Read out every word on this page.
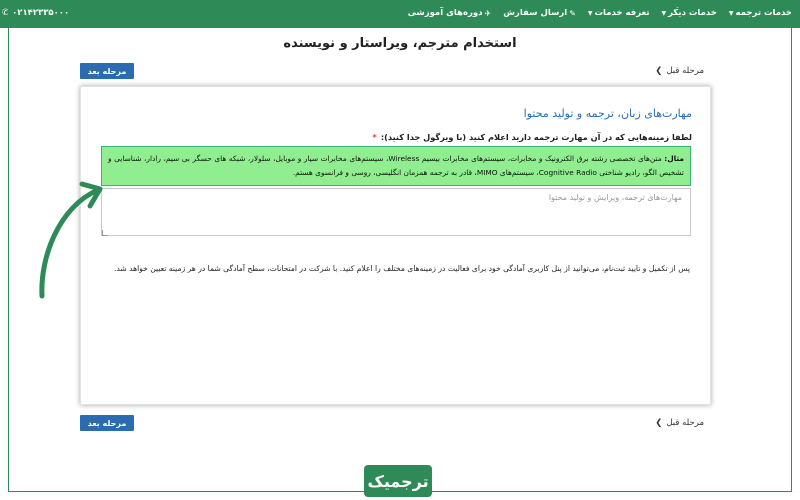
✆ ۰۲۱۴۲۳۳۵۰۰۰	خدمات ترجمه
▼
خدمات دیگر
▼
تعرفه خدمات
▼
✎
ارسال سفارش
✈
دوره‌های آموزشی
استخدام مترجم، ویراستار و نویسنده
مرحله بعد	مرحله قبل
❯
مهارت‌های زبان، ترجمه و تولید محتوا
لطفا زمینه‌هایی که در آن مهارت ترجمه دارید اعلام کنید (با ویرگول جدا کنید):*
مثال: متن‌های تخصصی رشته برق الکترونیک و مخابرات، سیستم‌های مخابرات بیسیم Wireless، سیستم‌های مخابرات سیار و موبایل، سلولار، شبکه های حسگر بی سیم، رادار، شناسایی و تشخیص الگو، رادیو شناختی Cognitive Radio، سیستم‌های MIMO، قادر به ترجمه همزمان انگلیسی، روسی و فرانسوی هستم.
مهارت‌های ترجمه، ویرایش و تولید محتوا
پس از تکمیل و تایید ثبت‌نام، می‌توانید از پنل کاربری آمادگی خود برای فعالیت در زمینه‌های مختلف را اعلام کنید. با شرکت در امتحانات، سطح آمادگی شما در هر زمینه تعیین خواهد شد.
مرحله بعد	مرحله قبل
❯
ترجمیک
